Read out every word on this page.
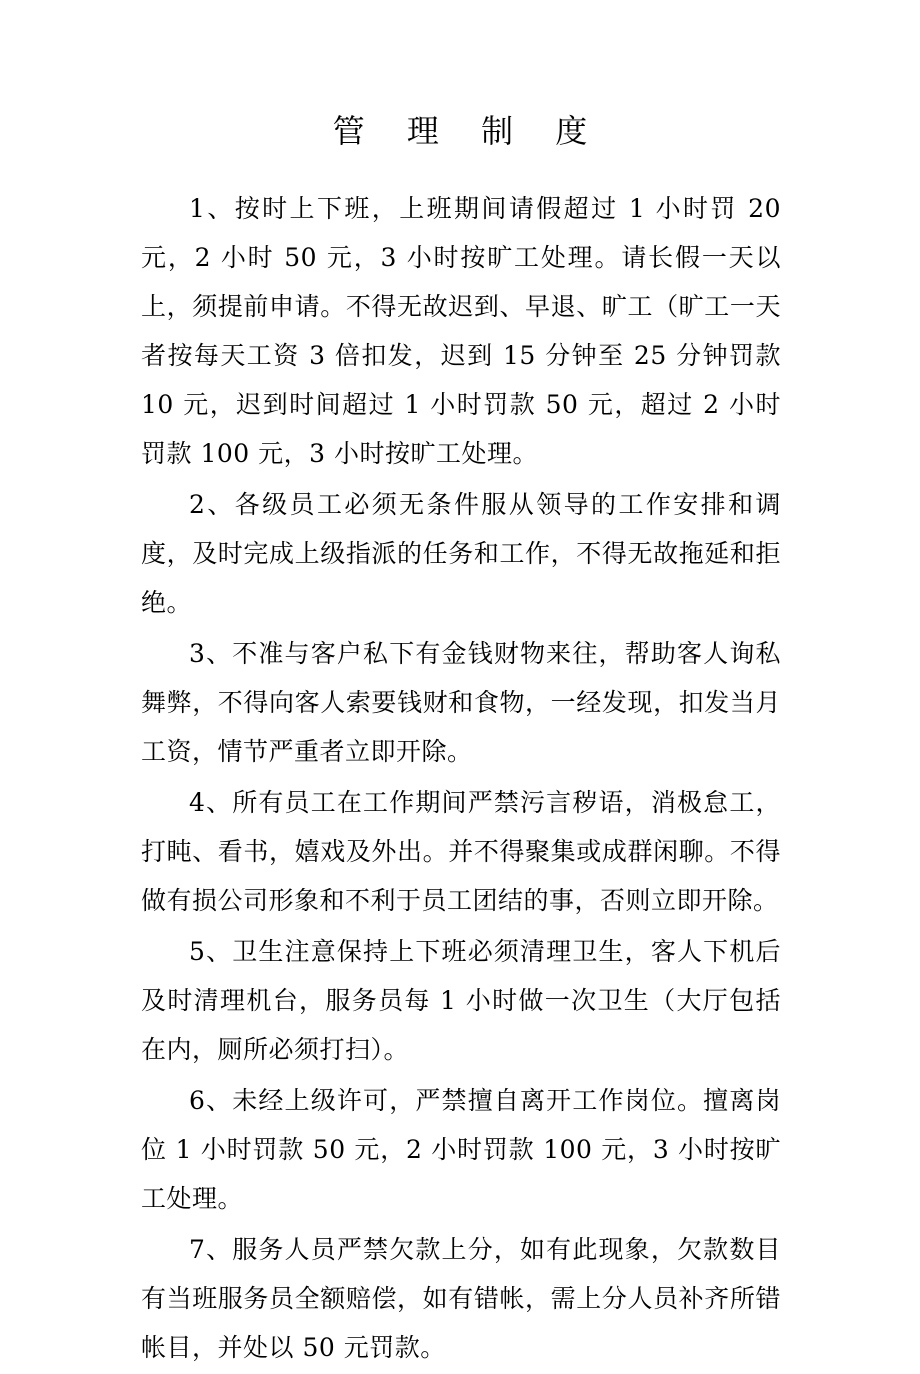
管 理 制 度

1、按时上下班，上班期间请假超过 1 小时罚 20 元，2 小时 50 元，3 小时按旷工处理。请长假一天以上，须提前申请。不得无故迟到、早退、旷工（旷工一天者按每天工资 3 倍扣发，迟到 15 分钟至 25 分钟罚款 10 元，迟到时间超过 1 小时罚款 50 元，超过 2 小时罚款 100 元，3 小时按旷工处理。

2、各级员工必须无条件服从领导的工作安排和调度，及时完成上级指派的任务和工作，不得无故拖延和拒绝。

3、不准与客户私下有金钱财物来往，帮助客人询私舞弊，不得向客人索要钱财和食物，一经发现，扣发当月工资，情节严重者立即开除。

4、所有员工在工作期间严禁污言秽语，消极怠工，打盹、看书，嬉戏及外出。并不得聚集或成群闲聊。不得做有损公司形象和不利于员工团结的事，否则立即开除。

5、卫生注意保持上下班必须清理卫生，客人下机后及时清理机台，服务员每 1 小时做一次卫生（大厅包括在内，厕所必须打扫）。

6、未经上级许可，严禁擅自离开工作岗位。擅离岗位 1 小时罚款 50 元，2 小时罚款 100 元，3 小时按旷工处理。

7、服务人员严禁欠款上分，如有此现象，欠款数目有当班服务员全额赔偿，如有错帐，需上分人员补齐所错帐目，并处以 50 元罚款。
